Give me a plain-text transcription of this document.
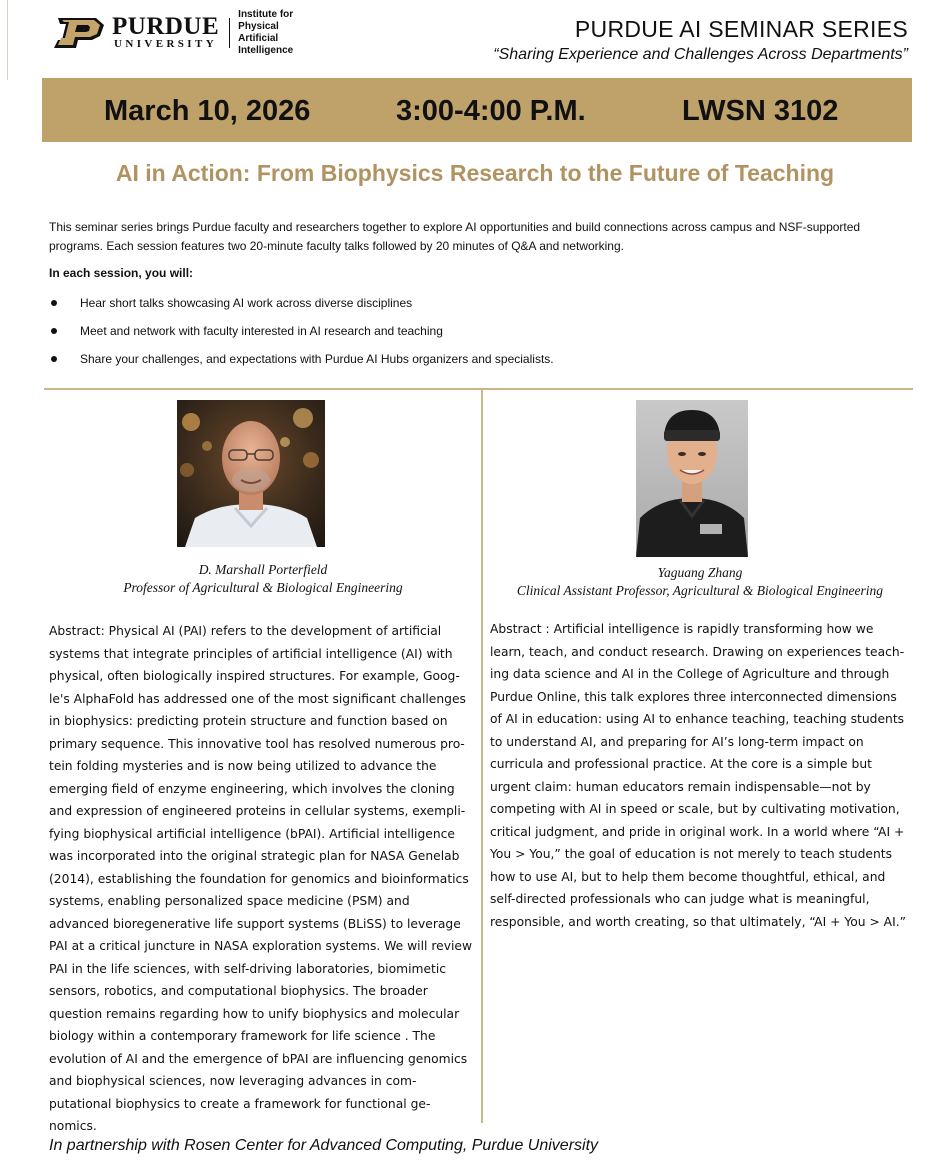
PURDUE
UNIVERSITY
Institute for Physical
Artificial Intelligence
PURDUE AI SEMINAR SERIES
“Sharing Experience and Challenges Across Departments”
March 10, 2026	3:00-4:00 P.M.	LWSN 3102
AI in Action: From Biophysics Research to the Future of Teaching

This seminar series brings Purdue faculty and researchers together to explore AI opportunities and build connections across campus and NSF-supported programs. Each session features two 20-minute faculty talks followed by 20 minutes of Q&A and networking.

In each session, you will:
Hear short talks showcasing AI work across diverse disciplines
Meet and network with faculty interested in AI research and teaching
Share your challenges, and expectations with Purdue AI Hubs organizers and specialists.
D. Marshall Porterfield
Professor of Agricultural & Biological Engineering
Yaguang Zhang
Clinical Assistant Professor, Agricultural & Biological Engineering

Abstract: Physical AI (PAI) refers to the development of artificial systems that integrate principles of artificial intelligence (AI) with physical, often biologically inspired structures. For example, Google's AlphaFold has addressed one of the most significant challenges in biophysics: predicting protein structure and function based on primary sequence. This innovative tool has resolved numerous protein folding mysteries and is now being utilized to advance the emerging field of enzyme engineering, which involves the cloning and expression of engineered proteins in cellular systems, exemplifying biophysical artificial intelligence (bPAI). Artificial intelligence was incorporated into the original strategic plan for NASA Genelab (2014), establishing the foundation for genomics and bioinformatics systems, enabling personalized space medicine (PSM) and advanced bioregenerative life support systems (BLiSS) to leverage PAI at a critical juncture in NASA exploration systems. We will review PAI in the life sciences, with self-driving laboratories, biomimetic sensors, robotics, and computational biophysics. The broader question remains regarding how to unify biophysics and molecular biology within a contemporary framework for life science . The evolution of AI and the emergence of bPAI are influencing genomics and biophysical sciences, now leveraging advances in computational biophysics to create a framework for functional genomics.

Abstract : Artificial intelligence is rapidly transforming how we learn, teach, and conduct research. Drawing on experiences teaching data science and AI in the College of Agriculture and through Purdue Online, this talk explores three interconnected dimensions of AI in education: using AI to enhance teaching, teaching students to understand AI, and preparing for AI’s long-term impact on curricula and professional practice. At the core is a simple but urgent claim: human educators remain indispensable—not by competing with AI in speed or scale, but by cultivating motivation, critical judgment, and pride in original work. In a world where “AI + You > You,” the goal of education is not merely to teach students how to use AI, but to help them become thoughtful, ethical, and self-directed professionals who can judge what is meaningful, responsible, and worth creating, so that ultimately, “AI + You > AI.”

In partnership with Rosen Center for Advanced Computing, Purdue University
